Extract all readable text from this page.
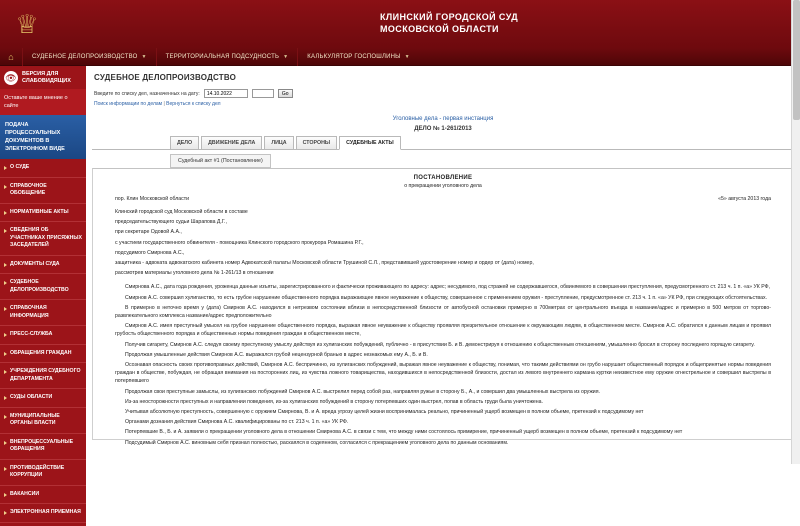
♕	КЛИНСКИЙ ГОРОДСКОЙ СУД
МОСКОВСКОЙ ОБЛАСТИ
⌂	СУДЕБНОЕ ДЕЛОПРОИЗВОДСТВО ▼	ТЕРРИТОРИАЛЬНАЯ ПОДСУДНОСТЬ ▼	КАЛЬКУЛЯТОР ГОСПОШЛИНЫ ▼
👁 ВЕРСИЯ ДЛЯ
СЛАБОВИДЯЩИХ
Оставьте ваше мнение о сайте
ПОДАЧА
ПРОЦЕССУАЛЬНЫХ
ДОКУМЕНТОВ В
ЭЛЕКТРОННОМ ВИДЕ
О СУДЕ
СПРАВОЧНОЕ ОБОБЩЕНИЕ
НОРМАТИВНЫЕ АКТЫ
СВЕДЕНИЯ ОБ УЧАСТНИКАХ ПРИСЯЖНЫХ ЗАСЕДАТЕЛЕЙ
ДОКУМЕНТЫ СУДА
СУДЕБНОЕ ДЕЛОПРОИЗВОДСТВО
СПРАВОЧНАЯ ИНФОРМАЦИЯ
ПРЕСС-СЛУЖБА
ОБРАЩЕНИЯ ГРАЖДАН
УЧРЕЖДЕНИЯ СУДЕБНОГО ДЕПАРТАМЕНТА
СУДЫ ОБЛАСТИ
МУНИЦИПАЛЬНЫЕ ОРГАНЫ ВЛАСТИ
ВНЕПРОЦЕССУАЛЬНЫЕ ОБРАЩЕНИЯ
ПРОТИВОДЕЙСТВИЕ КОРРУПЦИИ
ВАКАНСИИ
ЭЛЕКТРОННАЯ ПРИЕМНАЯ
СУДЕБНОЕ ДЕЛОПРОИЗВОДСТВО
Введите по списку дел, назначенных на дату:
14.10.2022	Go
Поиск информации по делам | Вернуться к списку дел
Уголовные дела - первая инстанция
ДЕЛО № 1-261/2013
ДЕЛО	ДВИЖЕНИЕ ДЕЛА	ЛИЦА	СТОРОНЫ	СУДЕБНЫЕ АКТЫ
Судебный акт #1 (Постановление)
ПОСТАНОВЛЕНИЕ
о прекращении уголовного дела
пор. Клин Московской области	«5» августа 2013 года
Клинский городской суд Московской области в составе
председательствующего судьи Шарапова Д.Г.,
при секретаре Одовой А.А.,
с участием государственного обвинителя - помощника Клинского городского прокурора Ромашина Р.Г.,
подсудимого Смирнова А.С.,
защитника - адвоката адвокатского кабинета номер Адвокатской палаты Московской области Трушиной С.Л., представившей удостоверение номер и ордер от (дата) номер,
рассмотрев материалы уголовного дела № 1-261/13 в отношении
Смирнова А.С., дата года рождения, уроженца данные изъяты, зарегистрированного и фактически проживающего по адресу: адрес; несудимого, под стражей не содержавшегося, обвиняемого в совершении преступления, предусмотренного ст. 213 ч. 1 п. «а» УК РФ,
Смирнов А.С. совершил хулиганство, то есть грубое нарушение общественного порядка выражающее явное неуважение к обществу, совершенное с применением оружия - преступление, предусмотренное ст. 213 ч. 1 п. «а» УК РФ, при следующих обстоятельствах.
В примерно в неточно время у (дата) Смирнов А.С. находился в нетрезвом состоянии вблизи в непосредственной близости от автобусной остановки примерно в 700метрах от центрального въезда в название/адрес и примерно в 500 метров от торгово-развлекательного комплекса название/адрес предположительно
Смирнов А.С. имея преступный умысел на грубое нарушение общественного порядка, выражая явное неуважение к обществу проявляя презрительное отношение к окружающим людям, в общественном месте. Смирнов А.С. обратился к данным лицам и проявил грубость общественного порядка и общественных нормы поведения граждан в общественном месте,
Получив сигарету, Смирнов А.С. следуя своему преступному умыслу действуя из хулиганских побуждений, публично - в присутствии Б. и В. демонстрируя к отношению к общественным отношениям, умышленно бросил в сторону последнего горящую сигарету.
Продолжая умышленные действия Смирнов А.С. выражался грубой нецензурной бранью в адрес незнакомых ему А., Б. и В.
Осознавая опасность своих противоправных действий, Смирнов А.С. беспричинно, из хулиганских побуждений, выражая явное неуважение к обществу, понимая, что такими действиями он грубо нарушает общественный порядок и общепринятые нормы поведения граждан в обществе, побуждая, не обращая внимания на посторонних лиц, из чувства ложного товарищества, находившихся в непосредственной близости, достал из левого внутреннего кармана куртки неизвестное ему оружие огнестрельное и совершил выстрелы в потерпевшего
Продолжая свои преступные замыслы, из хулиганских побуждений Смирнов А.С. выстрелил перед собой раз, направляя ружье в сторону Б., А., и совершил два умышленных выстрела из оружия.
Из-за неосторожности преступных и направлении поведения, из-за хулиганских побуждений в сторону потерпевших один выстрел, попав в область груди была уничтожена.
Учитывая абсолютную преступность, совершенную с оружием Смирнова, В. и А. вреда угрозу целей жизни воспринималась реально, причиненный ущерб возмещен в полном объеме, претензий к подсудимому нет
Органами дознания действия Смирнова А.С. квалифицированы по ст. 213 ч. 1 п. «а» УК РФ.
Потерпевшие В., Б. и А. заявили о прекращении уголовного дела в отношении Смирнова А.С. в связи с тем, что между ними состоялось примирение, причиненный ущерб возмещен в полном объеме, претензий к подсудимому нет
Подсудимый Смирнов А.С. виновным себя признал полностью, раскаялся в содеянном, согласился с прекращением уголовного дела по данным основаниям.
